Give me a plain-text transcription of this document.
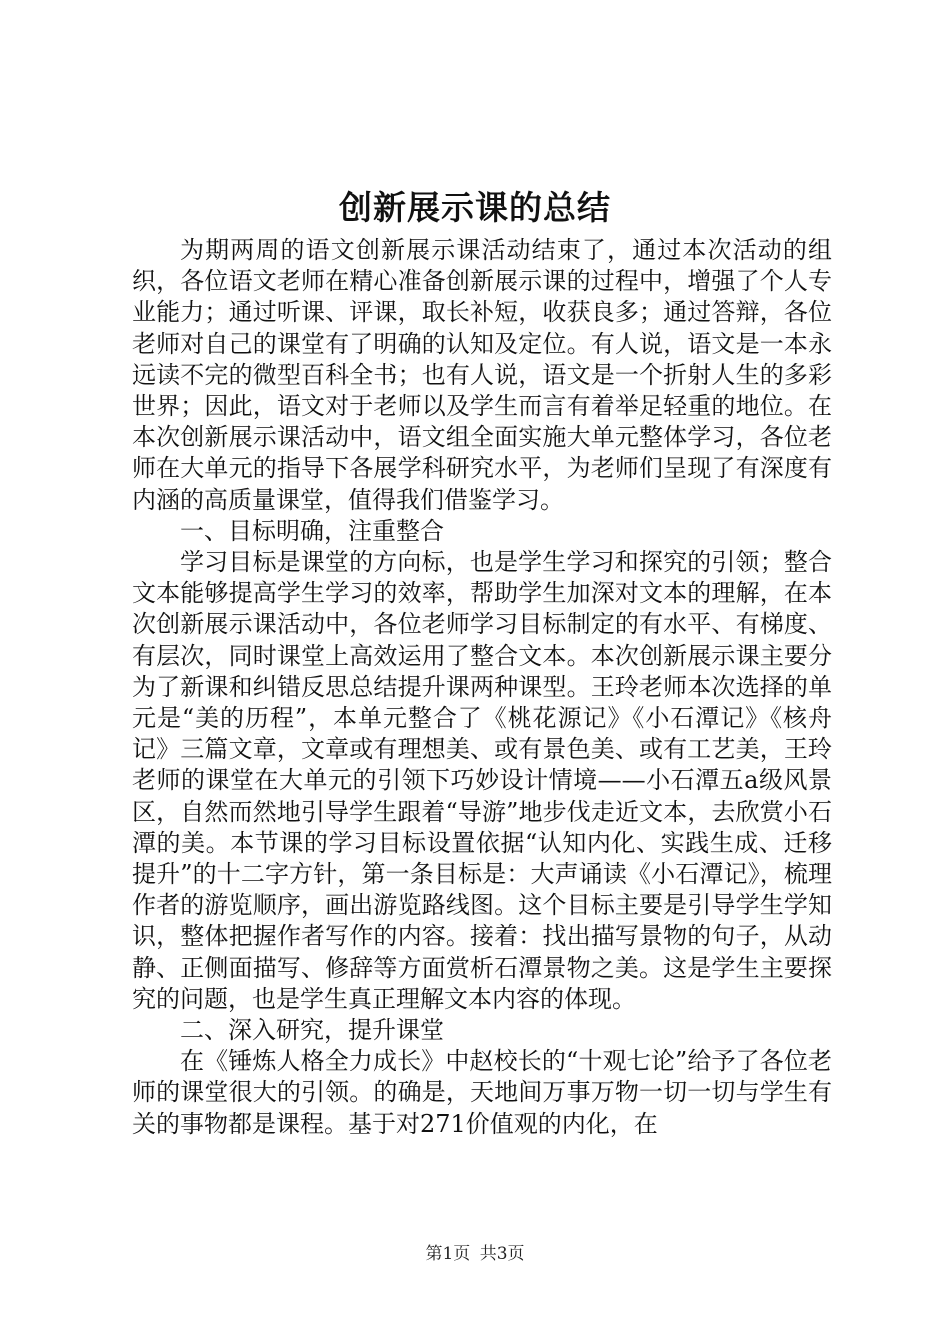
创新展示课的总结

为期两周的语文创新展示课活动结束了，通过本次活动的组织，各位语文老师在精心准备创新展示课的过程中，增强了个人专业能力；通过听课、评课，取长补短，收获良多；通过答辩，各位老师对自己的课堂有了明确的认知及定位。有人说，语文是一本永远读不完的微型百科全书；也有人说，语文是一个折射人生的多彩世界；因此，语文对于老师以及学生而言有着举足轻重的地位。在本次创新展示课活动中，语文组全面实施大单元整体学习，各位老师在大单元的指导下各展学科研究水平，为老师们呈现了有深度有内涵的高质量课堂，值得我们借鉴学习。

一、目标明确，注重整合

学习目标是课堂的方向标，也是学生学习和探究的引领；整合文本能够提高学生学习的效率，帮助学生加深对文本的理解，在本次创新展示课活动中，各位老师学习目标制定的有水平、有梯度、有层次，同时课堂上高效运用了整合文本。本次创新展示课主要分为了新课和纠错反思总结提升课两种课型。王玲老师本次选择的单元是“美的历程”，本单元整合了《桃花源记》《小石潭记》《核舟记》三篇文章，文章或有理想美、或有景色美、或有工艺美，王玲老师的课堂在大单元的引领下巧妙设计情境——小石潭五a级风景区，自然而然地引导学生跟着“导游”地步伐走近文本，去欣赏小石潭的美。本节课的学习目标设置依据“认知内化、实践生成、迁移提升”的十二字方针，第一条目标是：大声诵读《小石潭记》，梳理作者的游览顺序，画出游览路线图。这个目标主要是引导学生学知识，整体把握作者写作的内容。接着：找出描写景物的句子，从动静、正侧面描写、修辞等方面赏析石潭景物之美。这是学生主要探究的问题，也是学生真正理解文本内容的体现。

二、深入研究，提升课堂

在《锤炼人格全力成长》中赵校长的“十观七论”给予了各位老师的课堂很大的引领。的确是，天地间万事万物一切一切与学生有关的事物都是课程。基于对271价值观的内化，在

第1页 共3页
